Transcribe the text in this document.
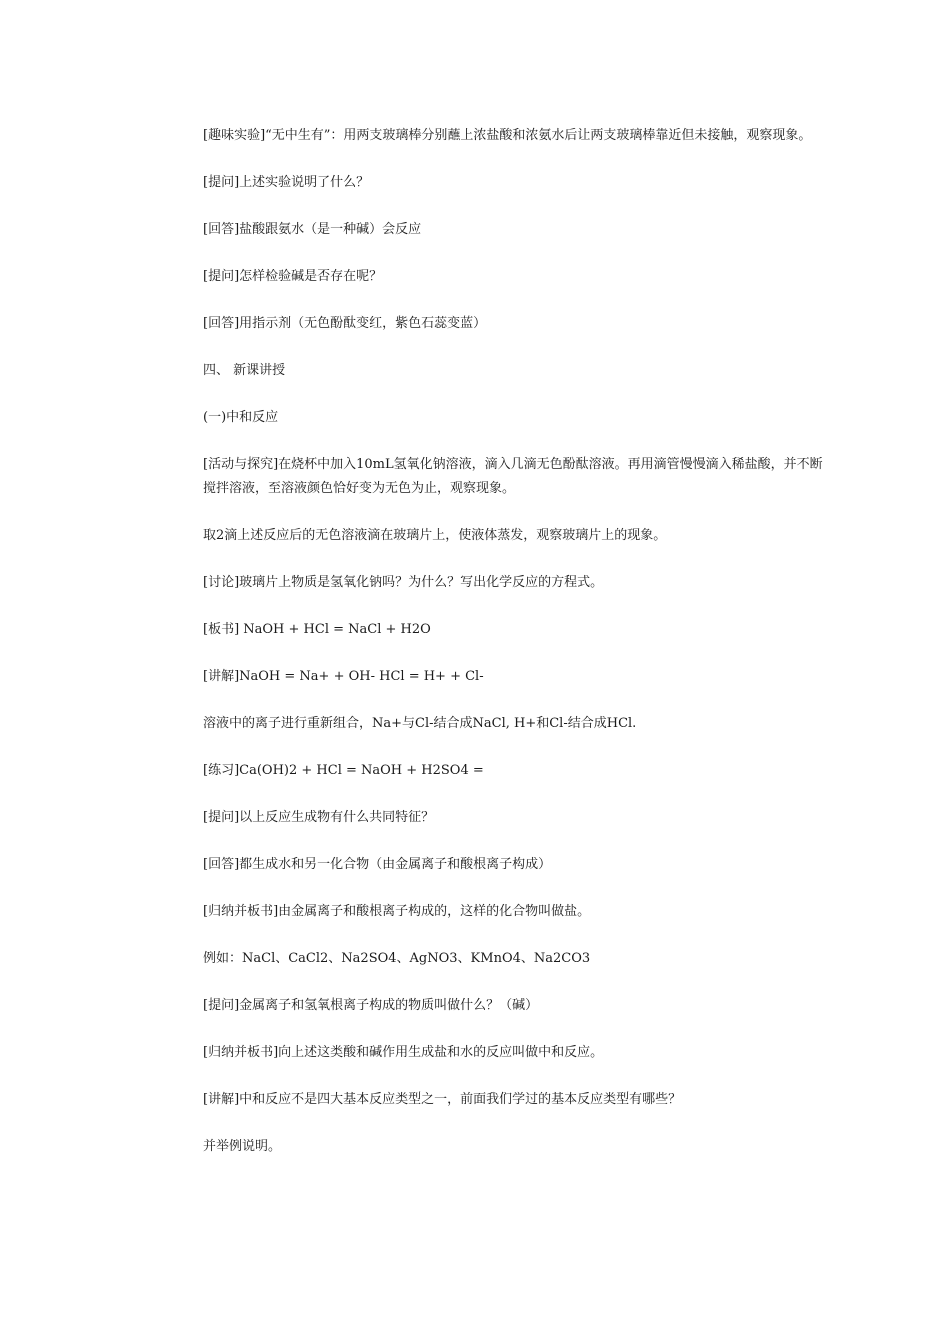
[趣味实验]“无中生有”：用两支玻璃棒分别蘸上浓盐酸和浓氨水后让两支玻璃棒靠近但未接触，观察现象。

[提问]上述实验说明了什么？

[回答]盐酸跟氨水（是一种碱）会反应

[提问]怎样检验碱是否存在呢？

[回答]用指示剂（无色酚酞变红，紫色石蕊变蓝）

四、 新课讲授

(一)中和反应

[活动与探究]在烧杯中加入10mL氢氧化钠溶液，滴入几滴无色酚酞溶液。再用滴管慢慢滴入稀盐酸，并不断搅拌溶液，至溶液颜色恰好变为无色为止，观察现象。

取2滴上述反应后的无色溶液滴在玻璃片上，使液体蒸发，观察玻璃片上的现象。

[讨论]玻璃片上物质是氢氧化钠吗？为什么？写出化学反应的方程式。

[板书] NaOH + HCl = NaCl + H2O

[讲解]NaOH = Na+ + OH- HCl = H+ + Cl-

溶液中的离子进行重新组合，Na+与Cl-结合成NaCl, H+和Cl-结合成HCl.

[练习]Ca(OH)2 + HCl = NaOH + H2SO4 =

[提问]以上反应生成物有什么共同特征？

[回答]都生成水和另一化合物（由金属离子和酸根离子构成）

[归纳并板书]由金属离子和酸根离子构成的，这样的化合物叫做盐。

例如：NaCl、CaCl2、Na2SO4、AgNO3、KMnO4、Na2CO3

[提问]金属离子和氢氧根离子构成的物质叫做什么？（碱）

[归纳并板书]向上述这类酸和碱作用生成盐和水的反应叫做中和反应。

[讲解]中和反应不是四大基本反应类型之一，前面我们学过的基本反应类型有哪些？

并举例说明。
